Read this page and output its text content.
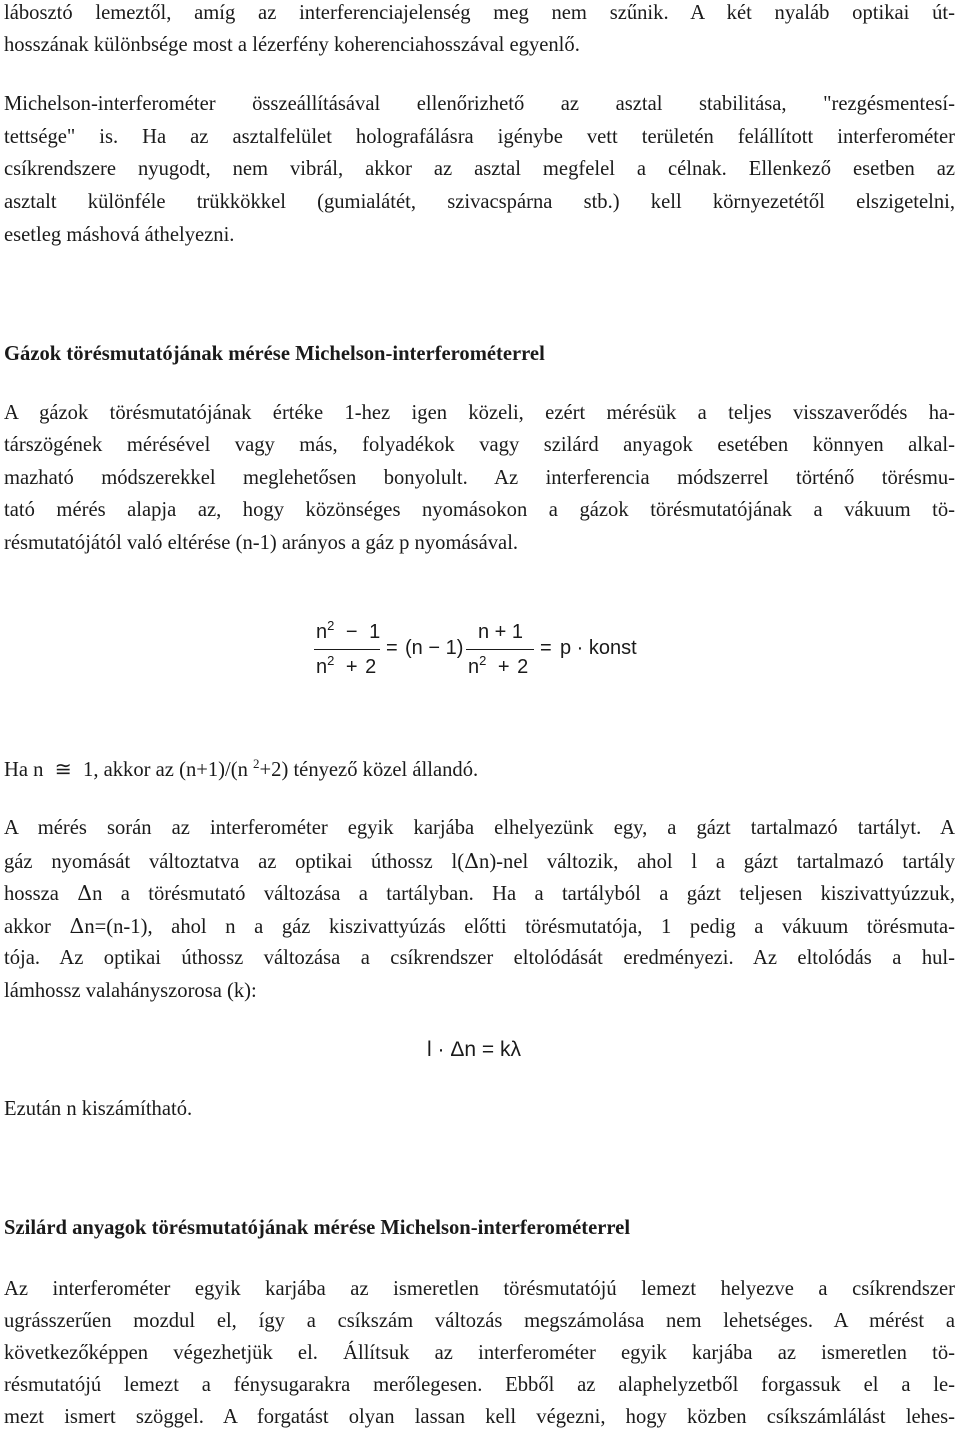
lábosztó lemeztől, amíg az interferenciajelenség meg nem szűnik. A két nyaláb optikai út-
hosszának különbsége most a lézerfény koherenciahosszával egyenlő.
Michelson-interferométer összeállításával ellenőrizhető az asztal stabilitása, "rezgésmentesí-
tettsége" is. Ha az asztalfelület holografálásra igénybe vett területén felállított interferométer
csíkrendszere nyugodt, nem vibrál, akkor az asztal megfelel a célnak. Ellenkező esetben az
asztalt különféle trükkökkel (gumialátét, szivacspárna stb.) kell környezetétől elszigetelni,
esetleg máshová áthelyezni.
Gázok törésmutatójának mérése Michelson-interferométerrel
A gázok törésmutatójának értéke 1-hez igen közeli, ezért mérésük a teljes visszaverődés ha-
társzögének mérésével vagy más, folyadékok vagy szilárd anyagok esetében könnyen alkal-
mazható módszerekkel meglehetősen bonyolult. Az interferencia módszerrel történő törésmu-
tató mérés alapja az, hogy közönséges nyomásokon a gázok törésmutatójának a vákuum tö-
résmutatójától való eltérése (n-1) arányos a gáz p nyomásával.
$n^2 - 1$
$n^2 + 2$
= (n − 1)
n + 1
$n^2 + 2$
= p · konst
Ha n ≅ 1, akkor az (n+1)/(n $^2$+2) tényező közel állandó.
A mérés során az interferométer egyik karjába elhelyezünk egy, a gázt tartalmazó tartályt. A
gáz nyomását változtatva az optikai úthossz l(Δn)-nel változik, ahol l a gázt tartalmazó tartály
hossza Δn a törésmutató változása a tartályban. Ha a tartályból a gázt teljesen kiszivattyúzzuk,
akkor Δn=(n-1), ahol n a gáz kiszivattyúzás előtti törésmutatója, 1 pedig a vákuum törésmuta-
tója. Az optikai úthossz változása a csíkrendszer eltolódását eredményezi. Az eltolódás a hul-
lámhossz valahányszorosa (k):
l · Δn = kλ
Ezután n kiszámítható.
Szilárd anyagok törésmutatójának mérése Michelson-interferométerrel
Az interferométer egyik karjába az ismeretlen törésmutatójú lemezt helyezve a csíkrendszer
ugrásszerűen mozdul el, így a csíkszám változás megszámolása nem lehetséges. A mérést a
következőképpen végezhetjük el. Állítsuk az interferométer egyik karjába az ismeretlen tö-
résmutatójú lemezt a fénysugarakra merőlegesen. Ebből az alaphelyzetből forgassuk el a le-
mezt ismert szöggel. A forgatást olyan lassan kell végezni, hogy közben csíkszámlálást lehes-
